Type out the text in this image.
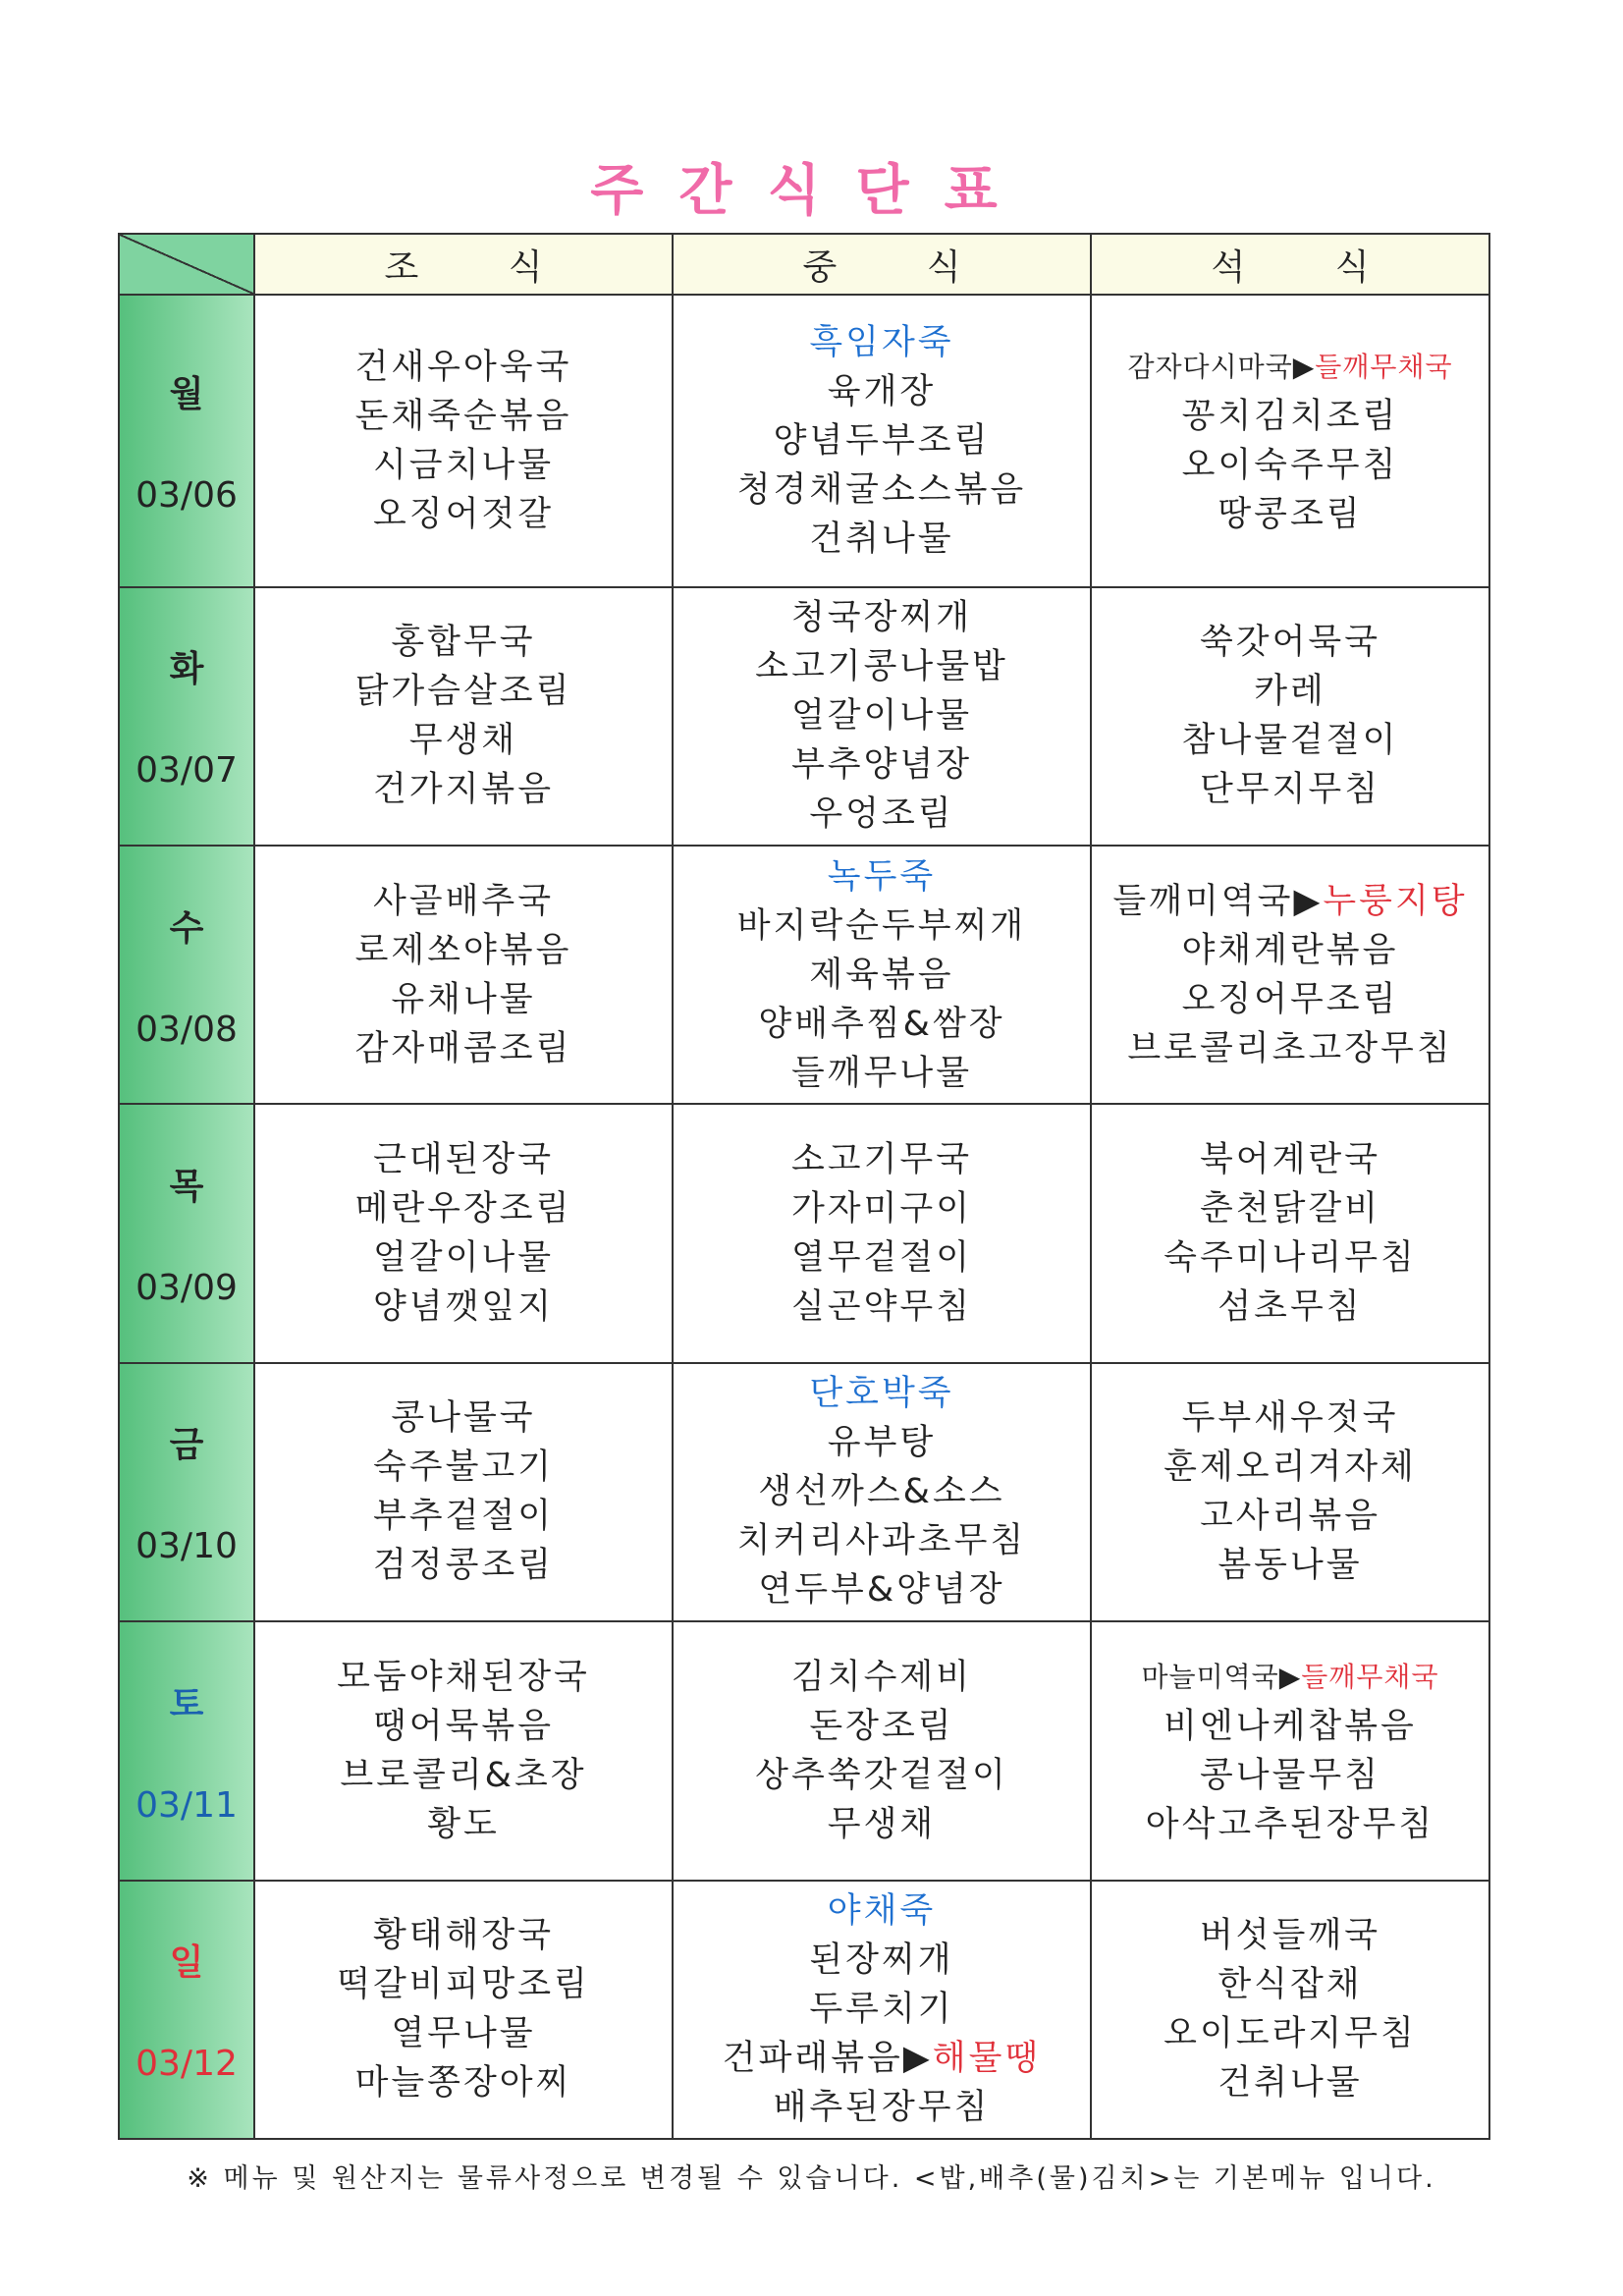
주간식단표
	조 식	중 식	석 식

월
03/06	건새우아욱국
돈채죽순볶음
시금치나물
오징어젓갈	흑임자죽
육개장
양념두부조림
청경채굴소스볶음
건취나물	감자다시마국▶들깨무채국
꽁치김치조림
오이숙주무침
땅콩조림

화
03/07	홍합무국
닭가슴살조림
무생채
건가지볶음	청국장찌개
소고기콩나물밥
얼갈이나물
부추양념장
우엉조림	쑥갓어묵국
카레
참나물겉절이
단무지무침

수
03/08	사골배추국
로제쏘야볶음
유채나물
감자매콤조림	녹두죽
바지락순두부찌개
제육볶음
양배추찜&쌈장
들깨무나물	들깨미역국▶누룽지탕
야채계란볶음
오징어무조림
브로콜리초고장무침

목
03/09	근대된장국
메란우장조림
얼갈이나물
양념깻잎지	소고기무국
가자미구이
열무겉절이
실곤약무침	북어계란국
춘천닭갈비
숙주미나리무침
섬초무침

금
03/10	콩나물국
숙주불고기
부추겉절이
검정콩조림	단호박죽
유부탕
생선까스&소스
치커리사과초무침
연두부&양념장	두부새우젓국
훈제오리겨자체
고사리볶음
봄동나물

토
03/11	모둠야채된장국
땡어묵볶음
브로콜리&초장
황도	김치수제비
돈장조림
상추쑥갓겉절이
무생채	마늘미역국▶들깨무채국
비엔나케찹볶음
콩나물무침
아삭고추된장무침

일
03/12	황태해장국
떡갈비피망조림
열무나물
마늘쫑장아찌	야채죽
된장찌개
두루치기
건파래볶음▶해물땡
배추된장무침	버섯들깨국
한식잡채
오이도라지무침
건취나물
※ 메뉴 및 원산지는 물류사정으로 변경될 수 있습니다. <밥,배추(물)김치>는 기본메뉴 입니다.
